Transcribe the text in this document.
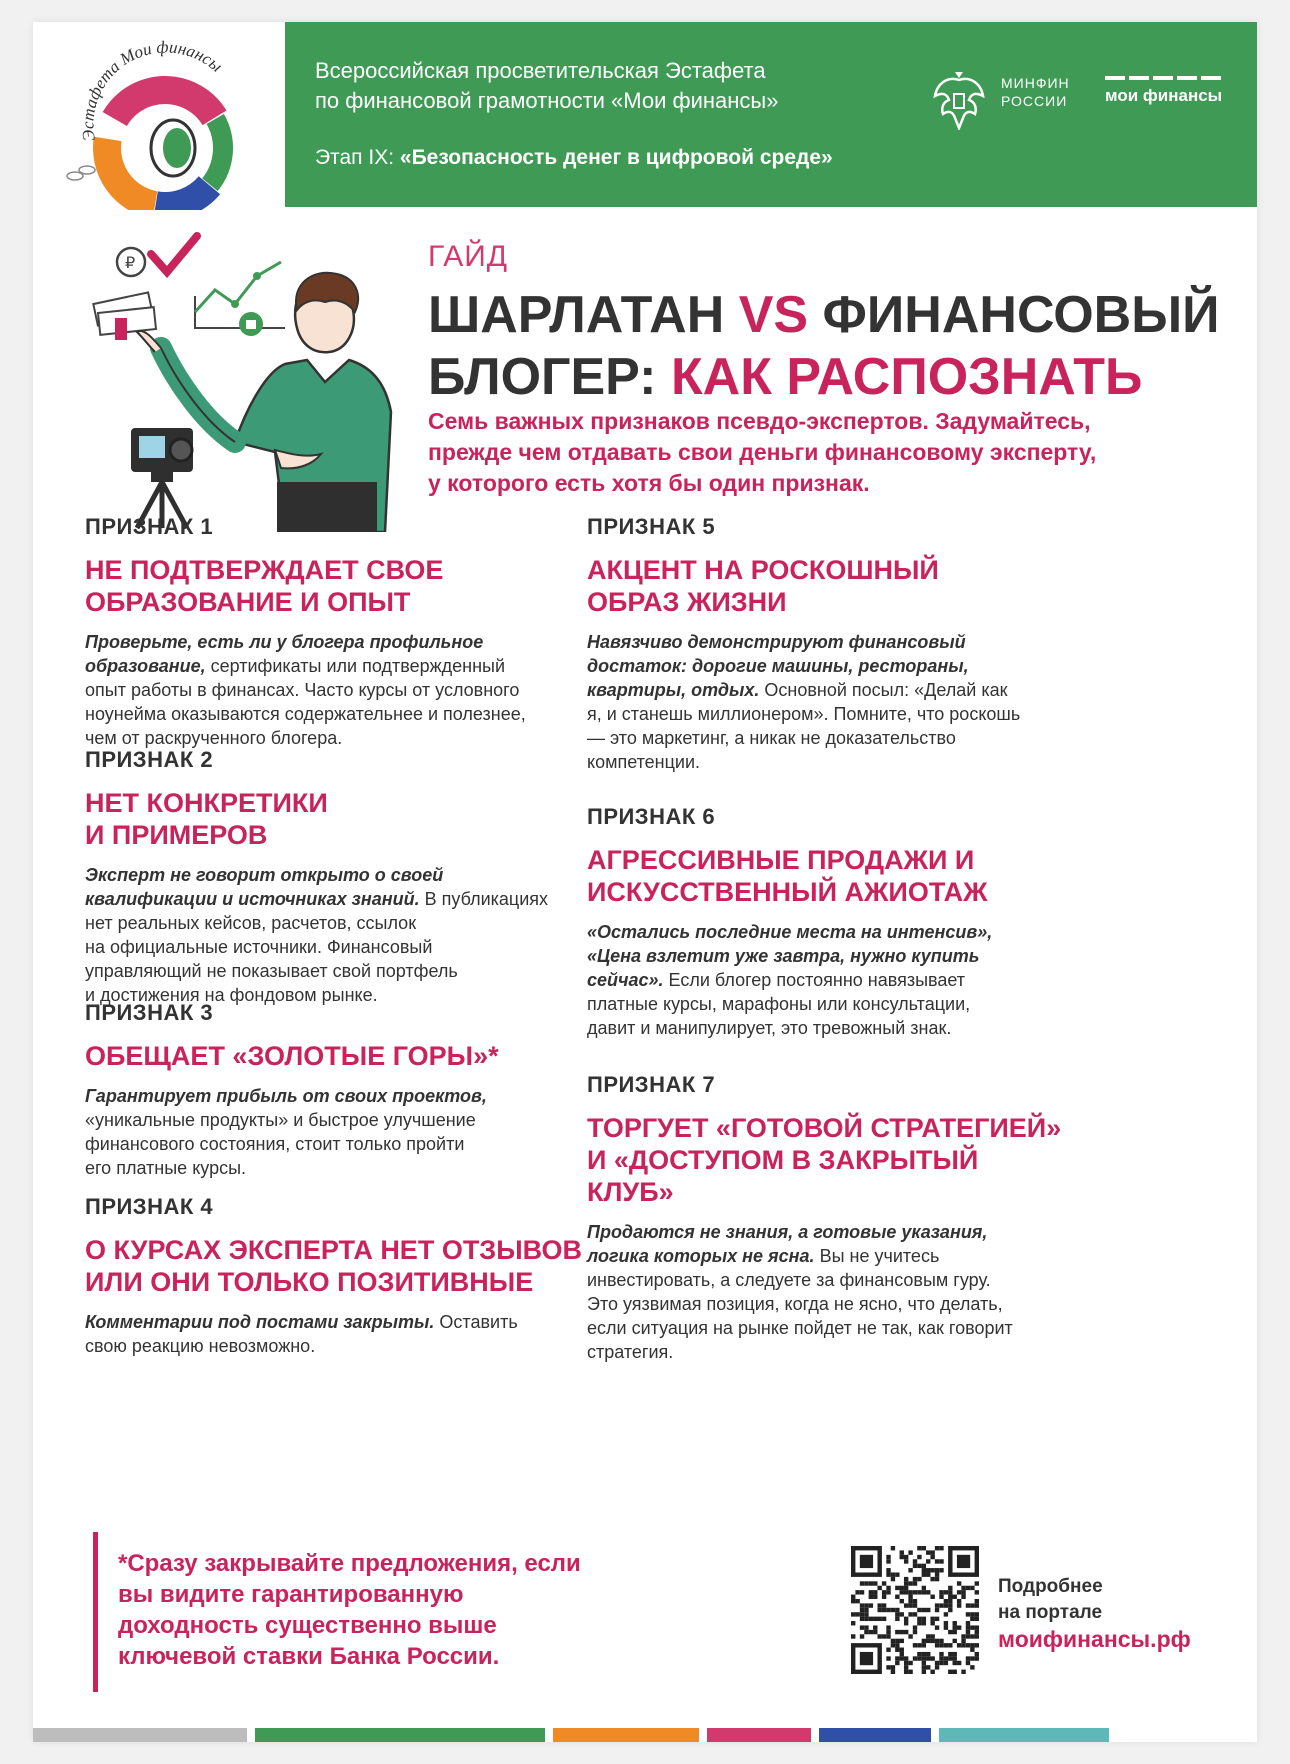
Эстафета Мои финансы	Всероссийская просветительская Эстафета
по финансовой грамотности «Мои финансы»
Этап IX: «Безопасность денег в цифровой среде»
МИНФИН
РОССИИ мои финансы
₽	ГАЙД
ШАРЛАТАН VS ФИНАНСОВЫЙ
БЛОГЕР: КАК РАСПОЗНАТЬ
Семь важных признаков псевдо-экспертов. Задумайтесь,
прежде чем отдавать свои деньги финансовому эксперту,
у которого есть хотя бы один признак.
ПРИЗНАК 1
НЕ ПОДТВЕРЖДАЕТ СВОЕ
ОБРАЗОВАНИЕ И ОПЫТ
Проверьте, есть ли у блогера профильное
образование, сертификаты или подтвержденный
опыт работы в финансах. Часто курсы от условного
ноунейма оказываются содержательнее и полезнее,
чем от раскрученного блогера.
ПРИЗНАК 2
НЕТ КОНКРЕТИКИ
И ПРИМЕРОВ
Эксперт не говорит открыто о своей
квалификации и источниках знаний. В публикациях
нет реальных кейсов, расчетов, ссылок
на официальные источники. Финансовый
управляющий не показывает свой портфель
и достижения на фондовом рынке.
ПРИЗНАК 3
ОБЕЩАЕТ «ЗОЛОТЫЕ ГОРЫ»*
Гарантирует прибыль от своих проектов,
«уникальные продукты» и быстрое улучшение
финансового состояния, стоит только пройти
его платные курсы.
ПРИЗНАК 4
О КУРСАХ ЭКСПЕРТА НЕТ ОТЗЫВОВ
ИЛИ ОНИ ТОЛЬКО ПОЗИТИВНЫЕ
Комментарии под постами закрыты. Оставить
свою реакцию невозможно.
ПРИЗНАК 5
АКЦЕНТ НА РОСКОШНЫЙ
ОБРАЗ ЖИЗНИ
Навязчиво демонстрируют финансовый
достаток: дорогие машины, рестораны,
квартиры, отдых. Основной посыл: «Делай как
я, и станешь миллионером». Помните, что роскошь
— это маркетинг, а никак не доказательство
компетенции.
ПРИЗНАК 6
АГРЕССИВНЫЕ ПРОДАЖИ И
ИСКУССТВЕННЫЙ АЖИОТАЖ
«Остались последние места на интенсив»,
«Цена взлетит уже завтра, нужно купить
сейчас». Если блогер постоянно навязывает
платные курсы, марафоны или консультации,
давит и манипулирует, это тревожный знак.
ПРИЗНАК 7
ТОРГУЕТ «ГОТОВОЙ СТРАТЕГИЕЙ»
И «ДОСТУПОМ В ЗАКРЫТЫЙ
КЛУБ»
Продаются не знания, а готовые указания,
логика которых не ясна. Вы не учитесь
инвестировать, а следуете за финансовым гуру.
Это уязвимая позиция, когда не ясно, что делать,
если ситуация на рынке пойдет не так, как говорит
стратегия.
*Сразу закрывайте предложения, если
вы видите гарантированную
доходность существенно выше
ключевой ставки Банка России.
Подробнее
на портале
моифинансы.рф
